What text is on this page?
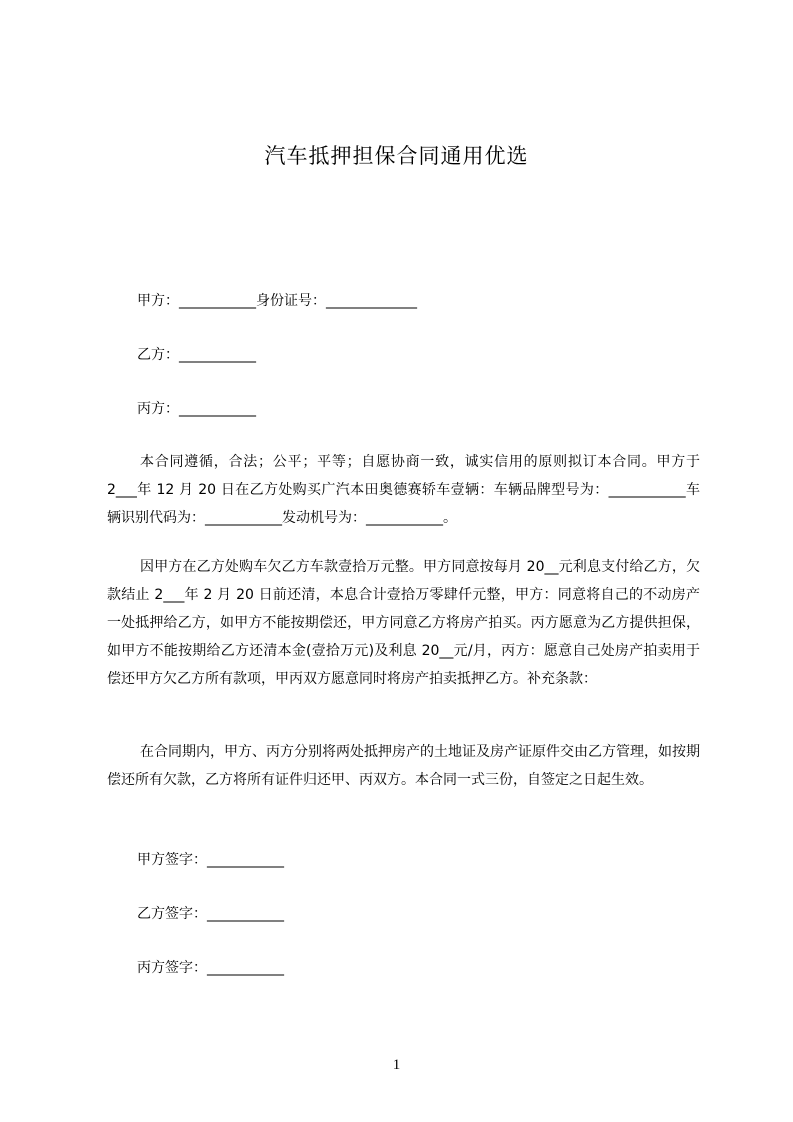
汽车抵押担保合同通用优选
甲方：___________身份证号：_____________
乙方：___________
丙方：___________
本合同遵循，合法；公平；平等；自愿协商一致，诚实信用的原则拟订本合同。甲方于 2___年 12 月 20 日在乙方处购买广汽本田奥德赛轿车壹辆：车辆品牌型号为：___________车辆识别代码为：___________发动机号为：___________。
因甲方在乙方处购车欠乙方车款壹拾万元整。甲方同意按每月 20__元利息支付给乙方，欠款结止 2___年 2 月 20 日前还清，本息合计壹拾万零肆仟元整，甲方：同意将自己的不动房产一处抵押给乙方，如甲方不能按期偿还，甲方同意乙方将房产拍买。丙方愿意为乙方提供担保，如甲方不能按期给乙方还清本金(壹拾万元)及利息 20__元/月，丙方：愿意自己处房产拍卖用于偿还甲方欠乙方所有款项，甲丙双方愿意同时将房产拍卖抵押乙方。补充条款：
在合同期内，甲方、丙方分别将两处抵押房产的土地证及房产证原件交由乙方管理，如按期偿还所有欠款，乙方将所有证件归还甲、丙双方。本合同一式三份，自签定之日起生效。
甲方签字：___________
乙方签字：___________
丙方签字：___________
1
